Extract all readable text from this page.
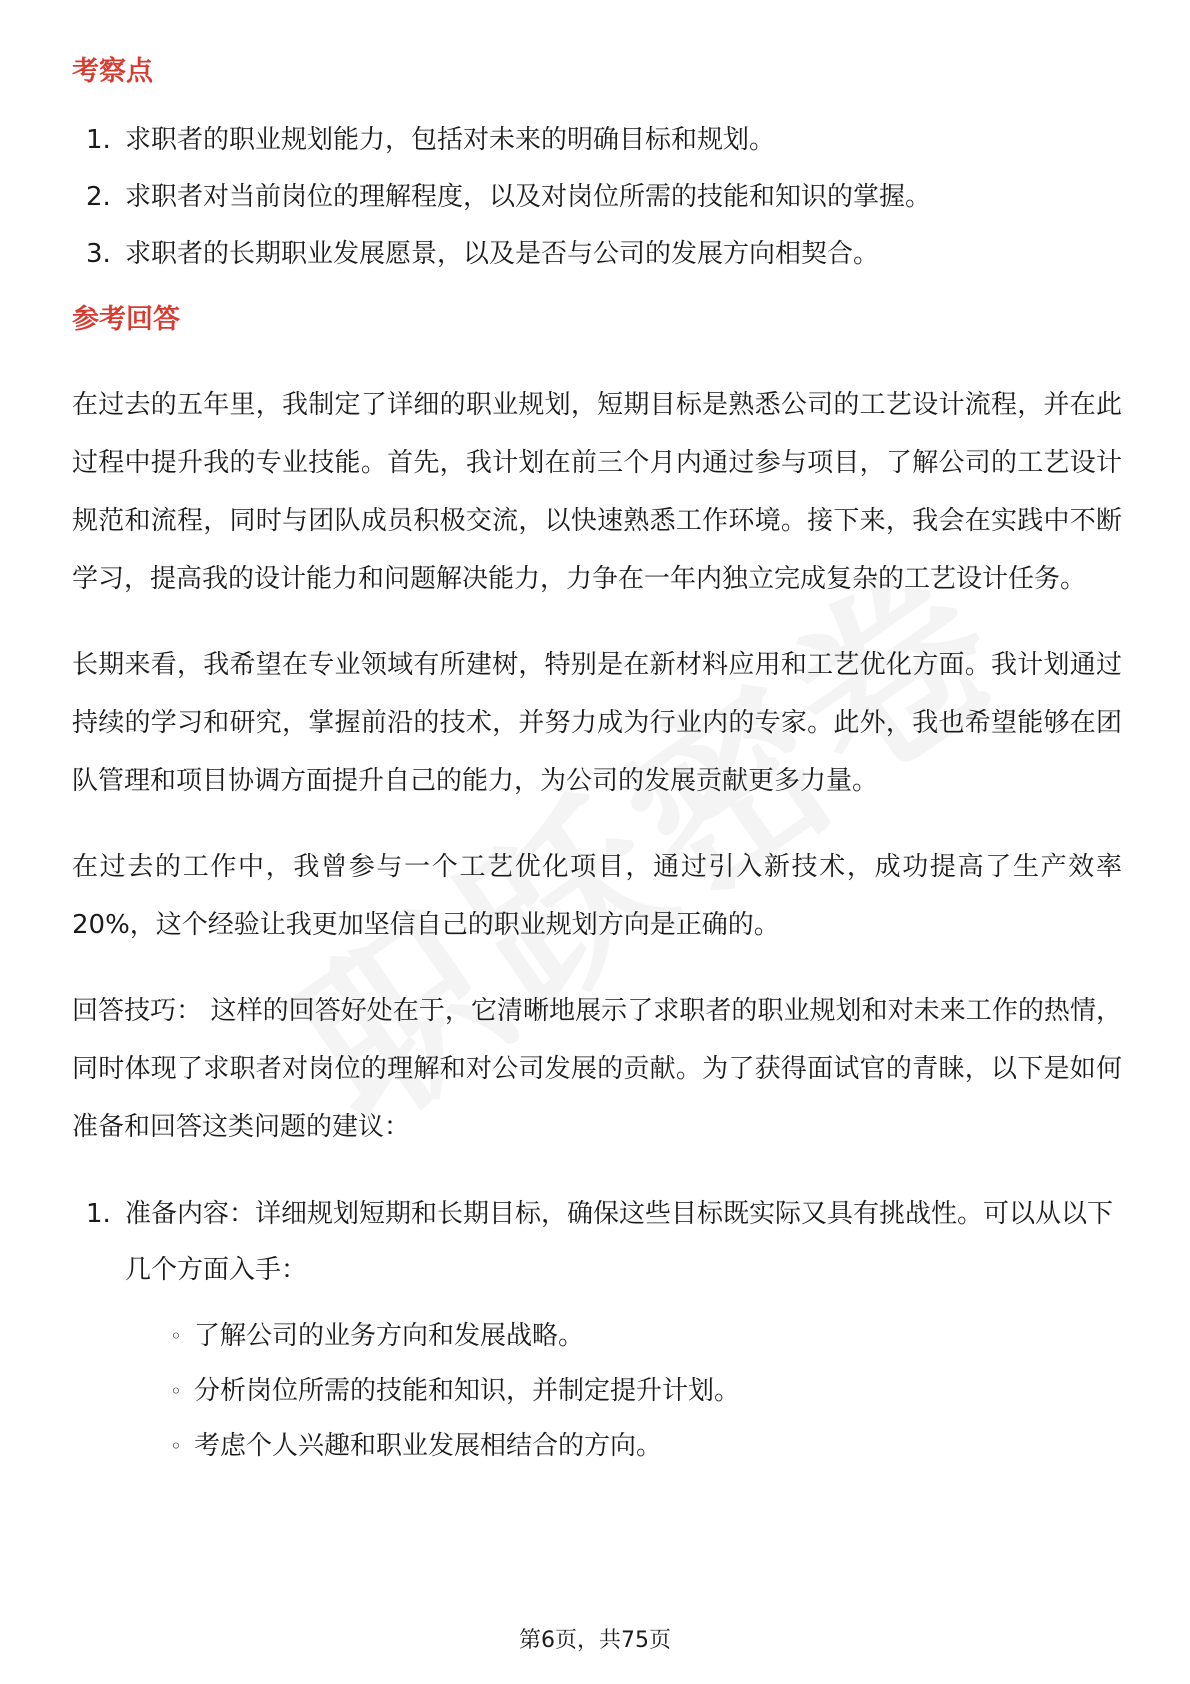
考察点
1. 求职者的职业规划能力，包括对未来的明确目标和规划。
2. 求职者对当前岗位的理解程度，以及对岗位所需的技能和知识的掌握。
3. 求职者的长期职业发展愿景，以及是否与公司的发展方向相契合。
参考回答

在过去的五年里，我制定了详细的职业规划，短期目标是熟悉公司的工艺设计流程，并在此过程中提升我的专业技能。首先，我计划在前三个月内通过参与项目，了解公司的工艺设计规范和流程，同时与团队成员积极交流，以快速熟悉工作环境。接下来，我会在实践中不断学习，提高我的设计能力和问题解决能力，力争在一年内独立完成复杂的工艺设计任务。

长期来看，我希望在专业领域有所建树，特别是在新材料应用和工艺优化方面。我计划通过持续的学习和研究，掌握前沿的技术，并努力成为行业内的专家。此外，我也希望能够在团队管理和项目协调方面提升自己的能力，为公司的发展贡献更多力量。

在过去的工作中，我曾参与一个工艺优化项目，通过引入新技术，成功提高了生产效率20%，这个经验让我更加坚信自己的职业规划方向是正确的。

回答技巧： 这样的回答好处在于，它清晰地展示了求职者的职业规划和对未来工作的热情，同时体现了求职者对岗位的理解和对公司发展的贡献。为了获得面试官的青睐，以下是如何准备和回答这类问题的建议：

1. 准备内容：详细规划短期和长期目标，确保这些目标既实际又具有挑战性。可以从以下几个方面入手：
◦ 了解公司的业务方向和发展战略。
◦ 分析岗位所需的技能和知识，并制定提升计划。
◦ 考虑个人兴趣和职业发展相结合的方向。
第6页，共75页
